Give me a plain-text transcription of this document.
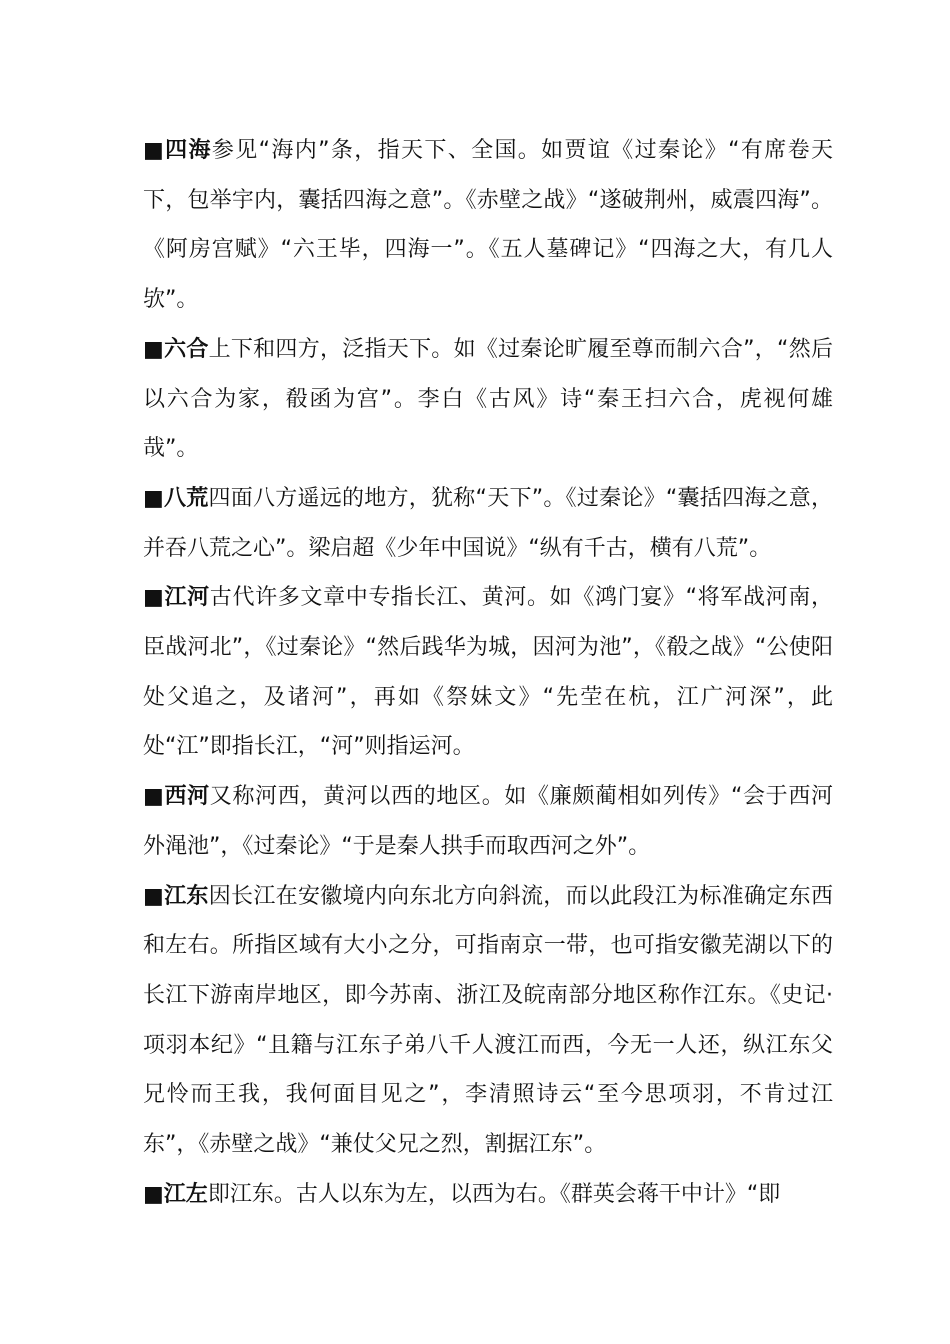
■四海参见“海内”条，指天下、全国。如贾谊《过秦论》“有席卷天下，包举宇内，囊括四海之意”。《赤壁之战》“遂破荆州，威震四海”。《阿房宫赋》“六王毕，四海一”。《五人墓碑记》“四海之大，有几人欤”。

■六合上下和四方，泛指天下。如《过秦论旷履至尊而制六合”，“然后以六合为家，殽函为宫”。李白《古风》诗“秦王扫六合，虎视何雄哉”。

■八荒四面八方遥远的地方，犹称“天下”。《过秦论》“囊括四海之意，并吞八荒之心”。梁启超《少年中国说》“纵有千古，横有八荒”。

■江河古代许多文章中专指长江、黄河。如《鸿门宴》“将军战河南，臣战河北”，《过秦论》“然后践华为城，因河为池”，《殽之战》“公使阳处父追之，及诸河”，再如《祭妹文》“先茔在杭，江广河深”，此处“江”即指长江，“河”则指运河。

■西河又称河西，黄河以西的地区。如《廉颇蔺相如列传》“会于西河外渑池”，《过秦论》“于是秦人拱手而取西河之外”。

■江东因长江在安徽境内向东北方向斜流，而以此段江为标准确定东西和左右。所指区域有大小之分，可指南京一带，也可指安徽芜湖以下的长江下游南岸地区，即今苏南、浙江及皖南部分地区称作江东。《史记·项羽本纪》“且籍与江东子弟八千人渡江而西，今无一人还，纵江东父兄怜而王我，我何面目见之”，李清照诗云“至今思项羽，不肯过江东”，《赤壁之战》“兼仗父兄之烈，割据江东”。

■江左即江东。古人以东为左，以西为右。《群英会蒋干中计》“即
